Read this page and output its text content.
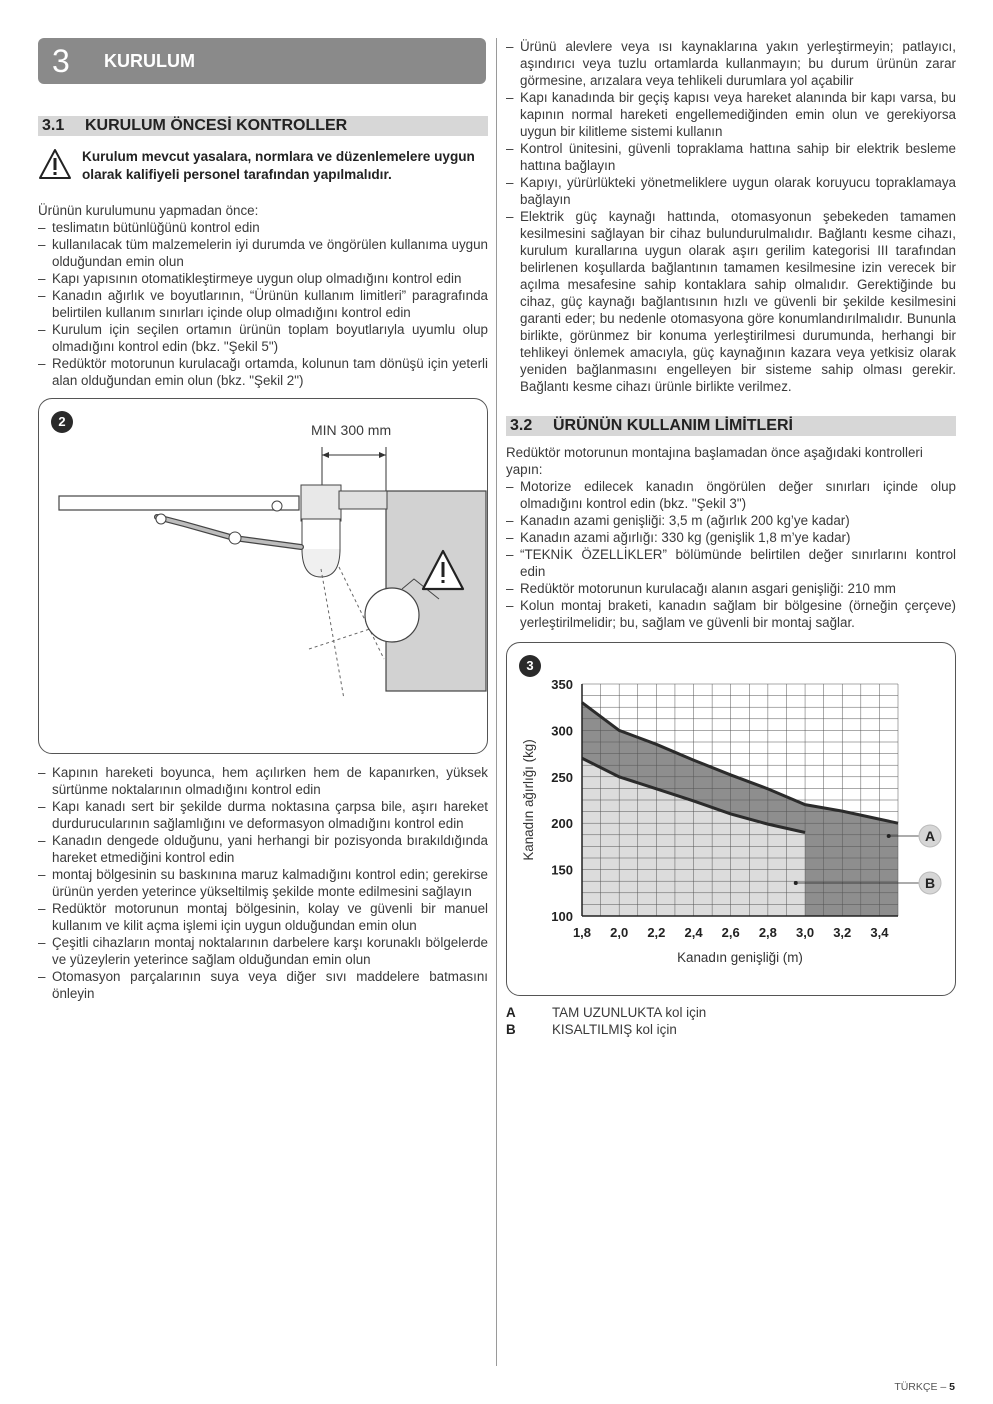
3 KURULUM
3.1 KURULUM ÖNCESİ KONTROLLER
Kurulum mevcut yasalara, normlara ve düzenlemelere uygun olarak kalifiyeli personel tarafından yapılmalıdır.

Ürünün kurulumunu yapmadan önce:

– teslimatın bütünlüğünü kontrol edin
– kullanılacak tüm malzemelerin iyi durumda ve öngörülen kullanıma uygun olduğundan emin olun
– Kapı yapısının otomatikleştirmeye uygun olup olmadığını kontrol edin
– Kanadın ağırlık ve boyutlarının, “Ürünün kullanım limitleri” paragrafında belirtilen kullanım sınırları içinde olup olmadığını kontrol edin
– Kurulum için seçilen ortamın ürünün toplam boyutlarıyla uyumlu olup olmadığını kontrol edin (bkz. "Şekil 5")
– Redüktör motorunun kurulacağı ortamda, kolunun tam dönüşü için yeterli alan olduğundan emin olun (bkz. "Şekil 2")
2
MIN 300 mm
– Kapının hareketi boyunca, hem açılırken hem de kapanırken, yüksek sürtünme noktalarının olmadığını kontrol edin
– Kapı kanadı sert bir şekilde durma noktasına çarpsa bile, aşırı hareket durdurucularının sağlamlığını ve deformasyon olmadığını kontrol edin
– Kanadın dengede olduğunu, yani herhangi bir pozisyonda bırakıldığında hareket etmediğini kontrol edin
– montaj bölgesinin su baskınına maruz kalmadığını kontrol edin; gerekirse ürünün yerden yeterince yükseltilmiş şekilde monte edilmesini sağlayın
– Redüktör motorunun montaj bölgesinin, kolay ve güvenli bir manuel kullanım ve kilit açma işlemi için uygun olduğundan emin olun
– Çeşitli cihazların montaj noktalarının darbelere karşı korunaklı bölgelerde ve yüzeylerin yeterince sağlam olduğundan emin olun
– Otomasyon parçalarının suya veya diğer sıvı maddelere batmasını önleyin
– Ürünü alevlere veya ısı kaynaklarına yakın yerleştirmeyin; patlayıcı, aşındırıcı veya tuzlu ortamlarda kullanmayın; bu durum ürünün zarar görmesine, arızalara veya tehlikeli durumlara yol açabilir
– Kapı kanadında bir geçiş kapısı veya hareket alanında bir kapı varsa, bu kapının normal hareketi engellemediğinden emin olun ve gerekiyorsa uygun bir kilitleme sistemi kullanın
– Kontrol ünitesini, güvenli topraklama hattına sahip bir elektrik besleme hattına bağlayın
– Kapıyı, yürürlükteki yönetmeliklere uygun olarak koruyucu topraklamaya bağlayın
– Elektrik güç kaynağı hattında, otomasyonun şebekeden tamamen kesilmesini sağlayan bir cihaz bulundurulmalıdır. Bağlantı kesme cihazı, kurulum kurallarına uygun olarak aşırı gerilim kategorisi III tarafından belirlenen koşullarda bağlantının tamamen kesilmesine izin verecek bir açılma mesafesine sahip kontaklara sahip olmalıdır. Gerektiğinde bu cihaz, güç kaynağı bağlantısının hızlı ve güvenli bir şekilde kesilmesini garanti eder; bu nedenle otomasyona göre konumlandırılmalıdır. Bununla birlikte, görünmez bir konuma yerleştirilmesi durumunda, herhangi bir tehlikeyi önlemek amacıyla, güç kaynağının kazara veya yetkisiz olarak yeniden bağlanmasını engelleyen bir sisteme sahip olması gerekir. Bağlantı kesme cihazı ürünle birlikte verilmez.
3.2 ÜRÜNÜN KULLANIM LİMİTLERİ

Redüktör motorunun montajına başlamadan önce aşağıdaki kontrolleri yapın:

– Motorize edilecek kanadın öngörülen değer sınırları içinde olup olmadığını kontrol edin (bkz. "Şekil 3")
– Kanadın azami genişliği: 3,5 m (ağırlık 200 kg’ye kadar)
– Kanadın azami ağırlığı: 330 kg (genişlik 1,8 m’ye kadar)
– “TEKNİK ÖZELLİKLER” bölümünde belirtilen değer sınırlarını kontrol edin
– Redüktör motorunun kurulacağı alanın asgari genişliği: 210 mm
– Kolun montaj braketi, kanadın sağlam bir bölgesine (örneğin çerçeve) yerleştirilmelidir; bu, sağlam ve güvenli bir montaj sağlar.
3
1,8 2,0 2,2 2,4 2,6 2,8 3,0 3,2 3,4
100
150
200
250
300
350
Kanadın genişliği (m)
Kanadın ağırlığı (kg)	A
B
A	TAM UZUNLUKTA kol için
B	KISALTILMIŞ kol için
TÜRKÇE – 5
